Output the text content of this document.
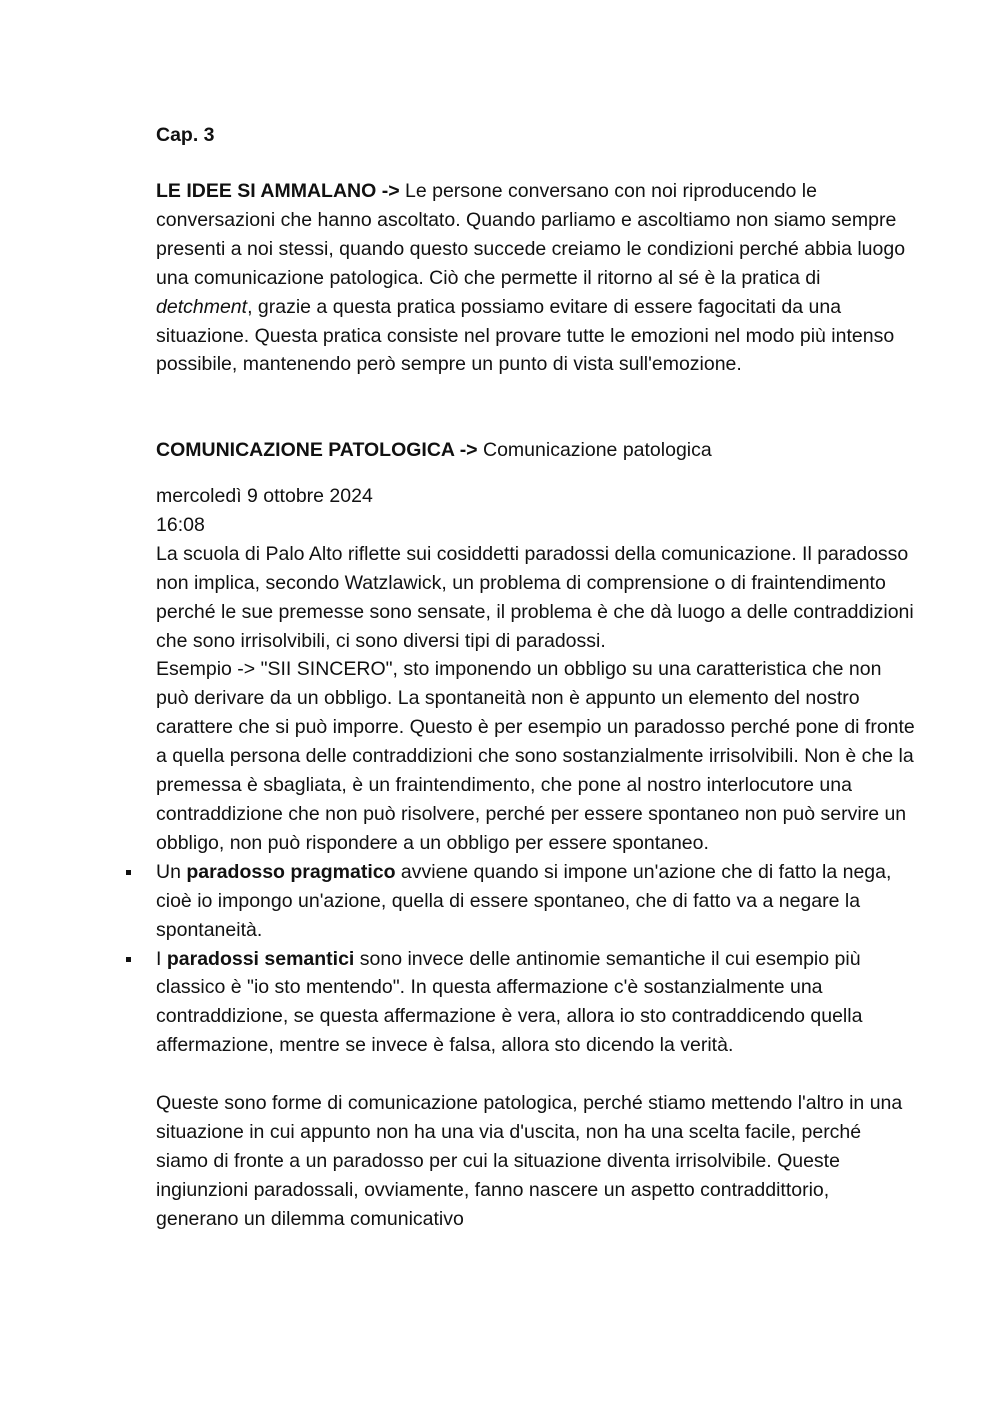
Cap. 3

LE IDEE SI AMMALANO -> Le persone conversano con noi riproducendo le conversazioni che hanno ascoltato. Quando parliamo e ascoltiamo non siamo sempre presenti a noi stessi, quando questo succede creiamo le condizioni perché abbia luogo una comunicazione patologica. Ciò che permette il ritorno al sé è la pratica di detchment, grazie a questa pratica possiamo evitare di essere fagocitati da una situazione. Questa pratica consiste nel provare tutte le emozioni nel modo più intenso possibile, mantenendo però sempre un punto di vista sull'emozione.

COMUNICAZIONE PATOLOGICA -> Comunicazione patologica

mercoledì 9 ottobre 2024
16:08
La scuola di Palo Alto riflette sui cosiddetti paradossi della comunicazione. Il paradosso non implica, secondo Watzlawick, un problema di comprensione o di fraintendimento perché le sue premesse sono sensate, il problema è che dà luogo a delle contraddizioni che sono irrisolvibili, ci sono diversi tipi di paradossi.
Esempio -> "SII SINCERO", sto imponendo un obbligo su una caratteristica che non può derivare da un obbligo. La spontaneità non è appunto un elemento del nostro carattere che si può imporre. Questo è per esempio un paradosso perché pone di fronte a quella persona delle contraddizioni che sono sostanzialmente irrisolvibili. Non è che la premessa è sbagliata, è un fraintendimento, che pone al nostro interlocutore una contraddizione che non può risolvere, perché per essere spontaneo non può servire un obbligo, non può rispondere a un obbligo per essere spontaneo.
Un paradosso pragmatico avviene quando si impone un'azione che di fatto la nega, cioè io impongo un'azione, quella di essere spontaneo, che di fatto va a negare la spontaneità.
I paradossi semantici sono invece delle antinomie semantiche il cui esempio più classico è "io sto mentendo". In questa affermazione c'è sostanzialmente una contraddizione, se questa affermazione è vera, allora io sto contraddicendo quella affermazione, mentre se invece è falsa, allora sto dicendo la verità.
Queste sono forme di comunicazione patologica, perché stiamo mettendo l'altro in una situazione in cui appunto non ha una via d'uscita, non ha una scelta facile, perché siamo di fronte a un paradosso per cui la situazione diventa irrisolvibile. Queste ingiunzioni paradossali, ovviamente, fanno nascere un aspetto contraddittorio, generano un dilemma comunicativo
